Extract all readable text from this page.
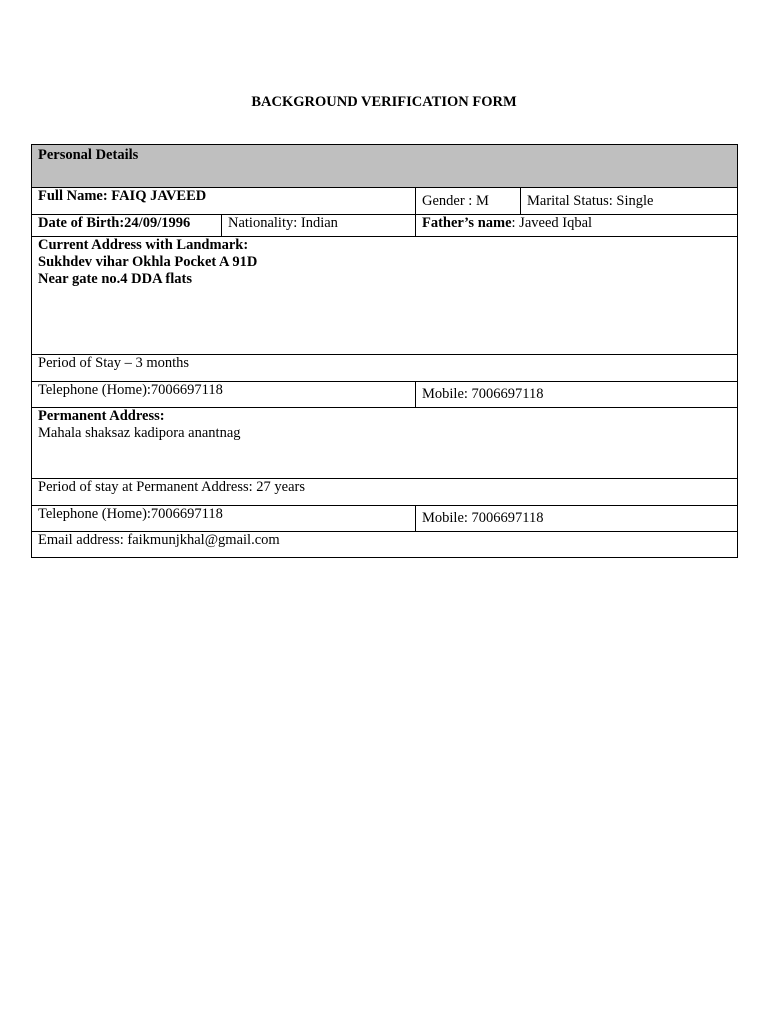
BACKGROUND VERIFICATION FORM
Personal Details
Full Name: FAIQ JAVEED	Gender : M	Marital Status: Single
Date of Birth:24/09/1996	Nationality: Indian	Father’s name: Javeed Iqbal
Current Address with Landmark:
Sukhdev vihar Okhla Pocket A 91D
Near gate no.4 DDA flats
Period of Stay – 3 months
Telephone (Home):7006697118	Mobile: 7006697118
Permanent Address:
Mahala shaksaz kadipora anantnag
Period of stay at Permanent Address: 27 years
Telephone (Home):7006697118	Mobile: 7006697118
Email address: faikmunjkhal@gmail.com
